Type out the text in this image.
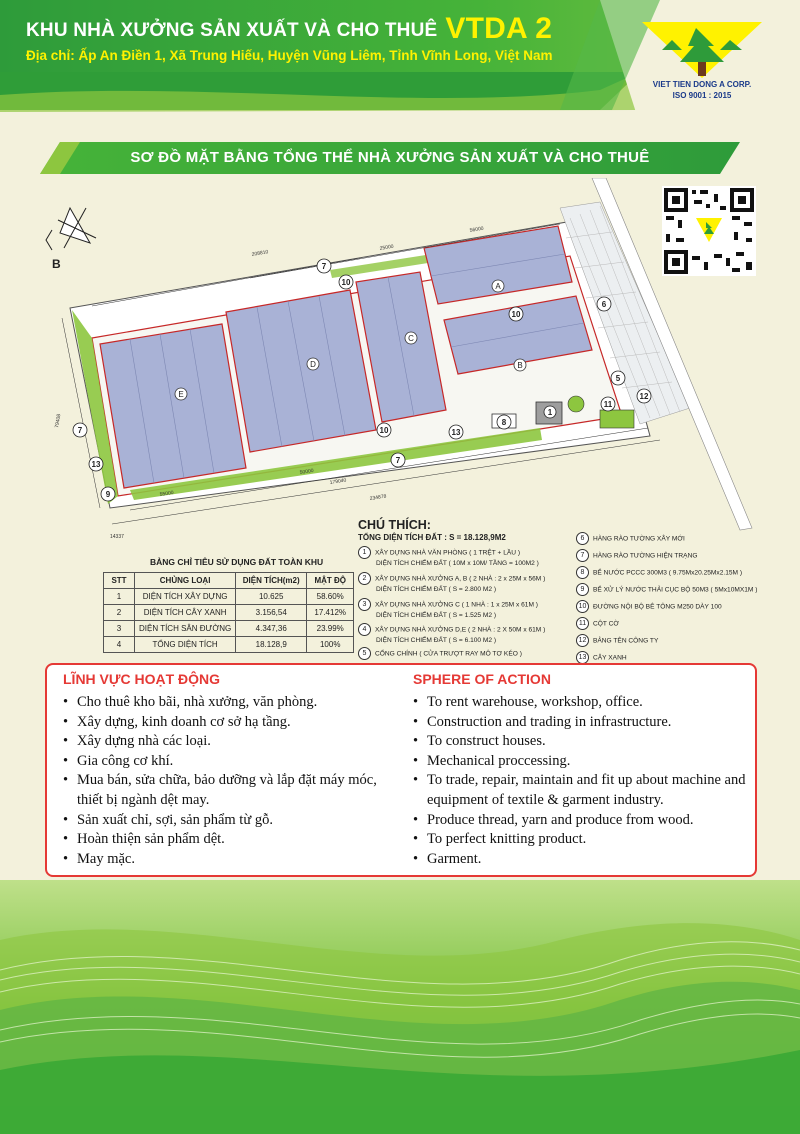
KHU NHÀ XƯỞNG SẢN XUẤT VÀ CHO THUÊ VTDA 2
Địa chỉ: Ấp An Điền 1, Xã Trung Hiếu, Huyện Vũng Liêm, Tỉnh Vĩnh Long, Việt Nam
VIET TIEN DONG A CORP.
ISO 9001 : 2015
SƠ ĐỒ MẶT BẰNG TỔNG THỂ NHÀ XƯỞNG SẢN XUẤT VÀ CHO THUÊ
B
208810
25000
56000
55000
50000
179040
234878
14337
79408
7
10
10
10
6
5
12
11
1
8
13
7
7
13
9
E
D
C
A
B
CHÚ THÍCH:
TỔNG DIỆN TÍCH ĐẤT : S = 18.128,9M2
1 XÂY DỰNG NHÀ VĂN PHÒNG ( 1 TRỆT + LẦU )
DIỆN TÍCH CHIẾM ĐẤT ( 10M x 10M/ TẦNG = 100M2 )
2 XÂY DỰNG NHÀ XƯỞNG A, B ( 2 NHÀ : 2 x 25M x 56M )
DIỆN TÍCH CHIẾM ĐẤT ( S = 2.800 M2 )
3 XÂY DỰNG NHÀ XƯỞNG C ( 1 NHÀ : 1 x 25M x 61M )
DIỆN TÍCH CHIẾM ĐẤT ( S = 1.525 M2 )
4 XÂY DỰNG NHÀ XƯỞNG D,E ( 2 NHÀ : 2 X 50M x 61M )
DIỆN TÍCH CHIẾM ĐẤT ( S = 6.100 M2 )
5 CỔNG CHÍNH ( CỬA TRƯỢT RAY MÔ TƠ KÉO )
6 HÀNG RÀO TƯỜNG XÂY MỚI
7 HÀNG RÀO TƯỜNG HIỆN TRẠNG
8 BỂ NƯỚC PCCC 300M3 ( 9.75Mx20.25Mx2.15M )
9 BỂ XỬ LÝ NƯỚC THẢI CỤC BỘ 50M3 ( 5Mx10MX1M )
10 ĐƯỜNG NỘI BỘ BÊ TÔNG M250 DÀY 100
11 CỘT CỜ
12 BẢNG TÊN CÔNG TY
13 CÂY XANH
BẢNG CHỈ TIÊU SỬ DỤNG ĐẤT TOÀN KHU
STT	CHỦNG LOẠI	DIỆN TÍCH(m2)	MẬT ĐỘ
1	DIỆN TÍCH XÂY DỰNG	10.625	58.60%
2	DIỆN TÍCH CÂY XANH	3.156,54	17.412%
3	DIỆN TÍCH SÂN ĐƯỜNG	4.347,36	23.99%
4	TỔNG DIỆN TÍCH	18.128,9	100%
LĨNH VỰC HOẠT ĐỘNG
• Cho thuê kho bãi, nhà xưởng, văn phòng.
• Xây dựng, kinh doanh cơ sở hạ tầng.
• Xây dựng nhà các loại.
• Gia công cơ khí.
• Mua bán, sửa chữa, bảo dưỡng và lắp đặt máy móc, thiết bị ngành dệt may.
• Sản xuất chỉ, sợi, sản phẩm từ gỗ.
• Hoàn thiện sản phẩm dệt.
• May mặc.
SPHERE OF ACTION
• To rent warehouse, workshop, office.
• Construction and trading in infrastructure.
• To construct houses.
• Mechanical proccessing.
• To trade, repair, maintain and fit up about machine and equipment of textile & garment industry.
• Produce thread, yarn and produce from wood.
• To perfect knitting product.
• Garment.
